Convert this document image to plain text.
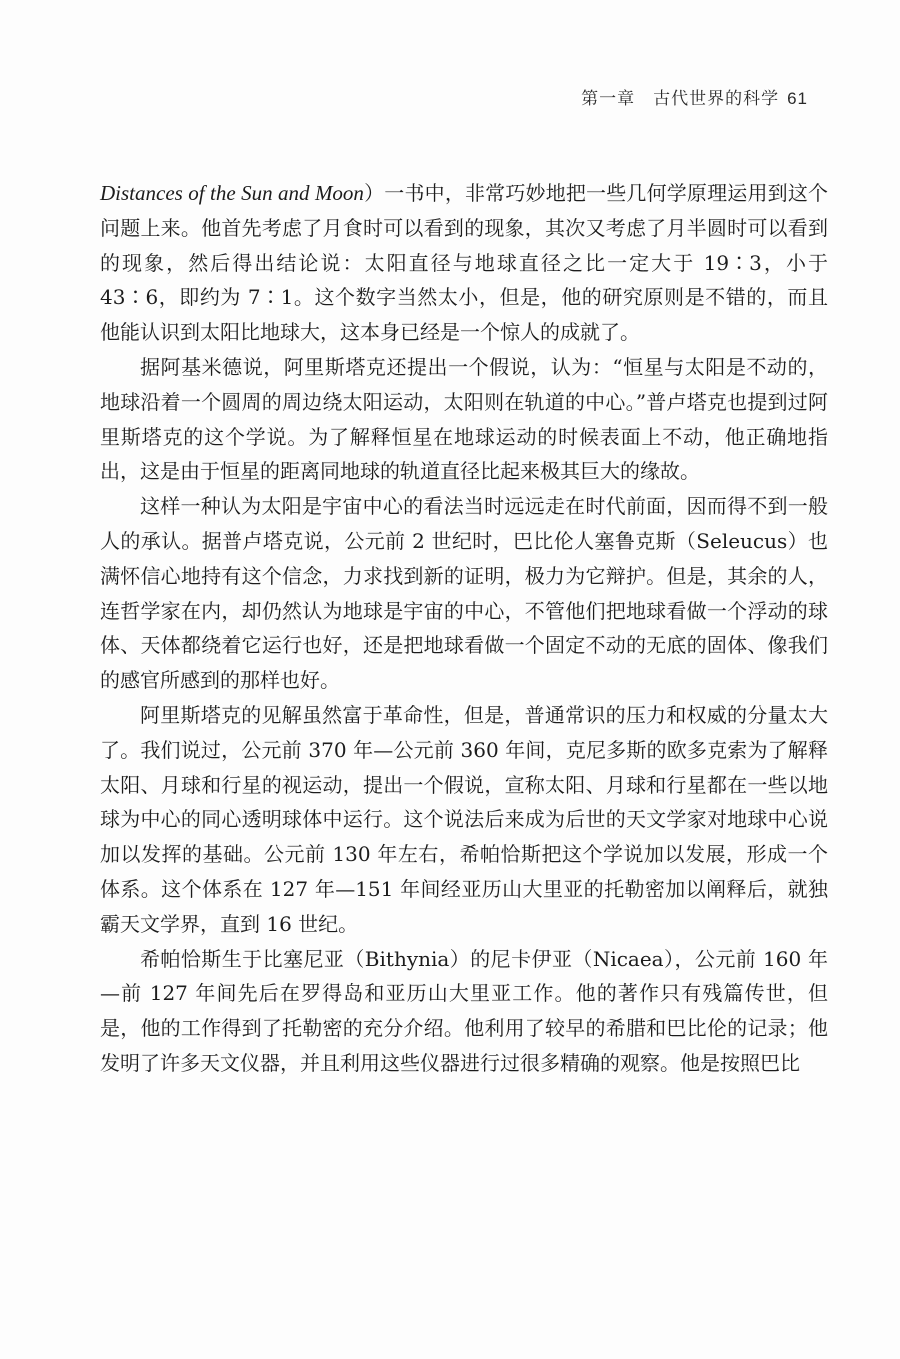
第一章 古代世界的科学 61

Distances of the Sun and Moon）一书中，非常巧妙地把一些几何学原理运用到这个问题上来。他首先考虑了月食时可以看到的现象，其次又考虑了月半圆时可以看到的现象，然后得出结论说：太阳直径与地球直径之比一定大于 19∶3，小于 43∶6，即约为 7∶1。这个数字当然太小，但是，他的研究原则是不错的，而且他能认识到太阳比地球大，这本身已经是一个惊人的成就了。

据阿基米德说，阿里斯塔克还提出一个假说，认为：“恒星与太阳是不动的，地球沿着一个圆周的周边绕太阳运动，太阳则在轨道的中心。”普卢塔克也提到过阿里斯塔克的这个学说。为了解释恒星在地球运动的时候表面上不动，他正确地指出，这是由于恒星的距离同地球的轨道直径比起来极其巨大的缘故。

这样一种认为太阳是宇宙中心的看法当时远远走在时代前面，因而得不到一般人的承认。据普卢塔克说，公元前 2 世纪时，巴比伦人塞鲁克斯（Seleucus）也满怀信心地持有这个信念，力求找到新的证明，极力为它辩护。但是，其余的人，连哲学家在内，却仍然认为地球是宇宙的中心，不管他们把地球看做一个浮动的球体、天体都绕着它运行也好，还是把地球看做一个固定不动的无底的固体、像我们的感官所感到的那样也好。

阿里斯塔克的见解虽然富于革命性，但是，普通常识的压力和权威的分量太大了。我们说过，公元前 370 年—公元前 360 年间，克尼多斯的欧多克索为了解释太阳、月球和行星的视运动，提出一个假说，宣称太阳、月球和行星都在一些以地球为中心的同心透明球体中运行。这个说法后来成为后世的天文学家对地球中心说加以发挥的基础。公元前 130 年左右，希帕恰斯把这个学说加以发展，形成一个体系。这个体系在 127 年—151 年间经亚历山大里亚的托勒密加以阐释后，就独霸天文学界，直到 16 世纪。

希帕恰斯生于比塞尼亚（Bithynia）的尼卡伊亚（Nicaea），公元前 160 年—前 127 年间先后在罗得岛和亚历山大里亚工作。他的著作只有残篇传世，但是，他的工作得到了托勒密的充分介绍。他利用了较早的希腊和巴比伦的记录；他发明了许多天文仪器，并且利用这些仪器进行过很多精确的观察。他是按照巴比
